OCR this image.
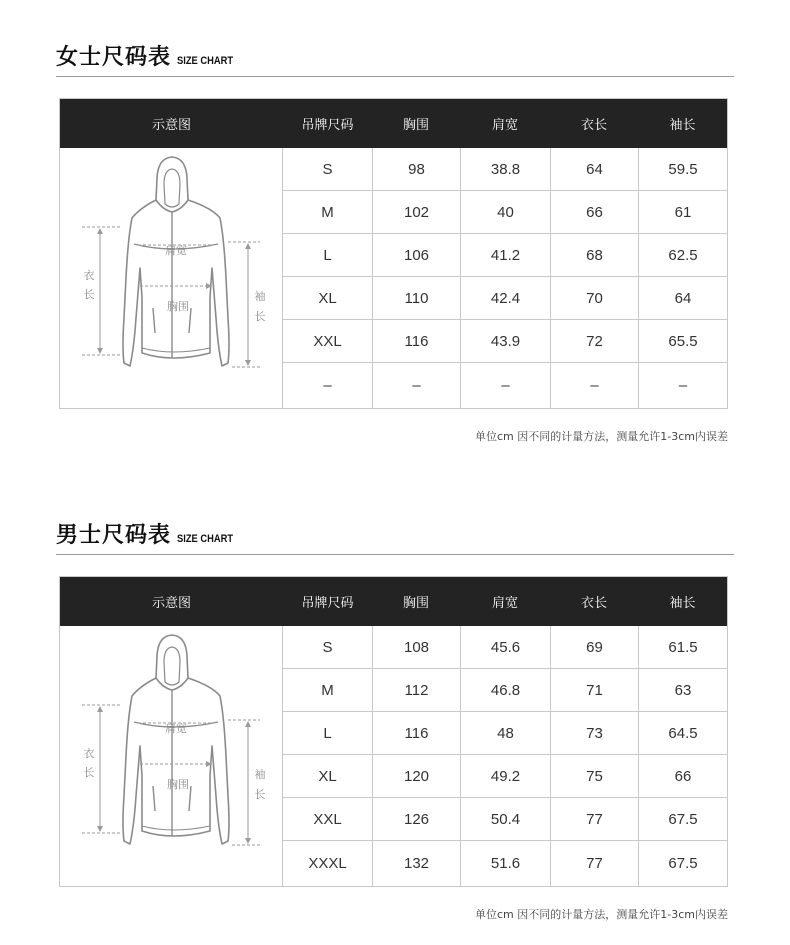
女士尺码表 SIZE CHART
示意图	吊牌尺码	胸围	肩宽	衣长	袖长
肩宽
胸围
衣
长	袖
长
S	98	38.8	64	59.5
M	102	40	66	61
L	106	41.2	68	62.5
XL	110	42.4	70	64
XXL	116	43.9	72	65.5
–	–	–	–	–
单位cm 因不同的计量方法，测量允许1-3cm内误差
男士尺码表 SIZE CHART
示意图	吊牌尺码	胸围	肩宽	衣长	袖长
肩宽
胸围
衣
长	袖
长
S	108	45.6	69	61.5
M	112	46.8	71	63
L	116	48	73	64.5
XL	120	49.2	75	66
XXL	126	50.4	77	67.5
XXXL	132	51.6	77	67.5
单位cm 因不同的计量方法，测量允许1-3cm内误差
